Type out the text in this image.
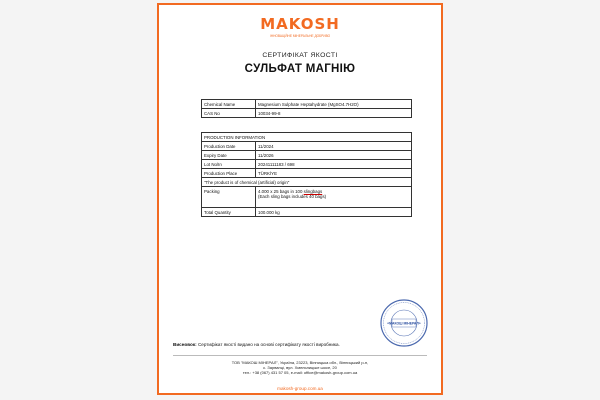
MAKOSH
ІННОВАЦІЙНЕ МІНЕРАЛЬНЕ ДОБРИВО
СЕРТИФІКАТ ЯКОСТІ
СУЛЬФАТ МАГНІЮ
Chemical Name	Magnesium Sulphate Heptahydrate (MgSO4.7H2O)
CAS No	10034-99-8
PRODUCTION INFORMATION	
Production Date	11/2024
Expiry Date	11/2026
Lot No/In	20241111183 / 698
Production Place	TÜRKİYE
"The product is of chemical (artificial) origin"	
Packing	4.000 x 25 bags in 100 slingbags
(Each sling bags includes 40 bags)
Total Quantity	100.000 kg
«МАКОШ МІНЕРАЛ»
Висновок: Сертифікат якості видано на основі сертифікату якості виробника.
ТОВ "МАКОШ МІНЕРАЛ", Україна, 23223, Вінницька обл., Вінницький р-н,
с. Зарванці, вул. Хмельницьке шосе, 20
тел.: +38 (067) 431 57 05, e-mail: office@makosh-group.com.ua
makosh-group.com.ua
